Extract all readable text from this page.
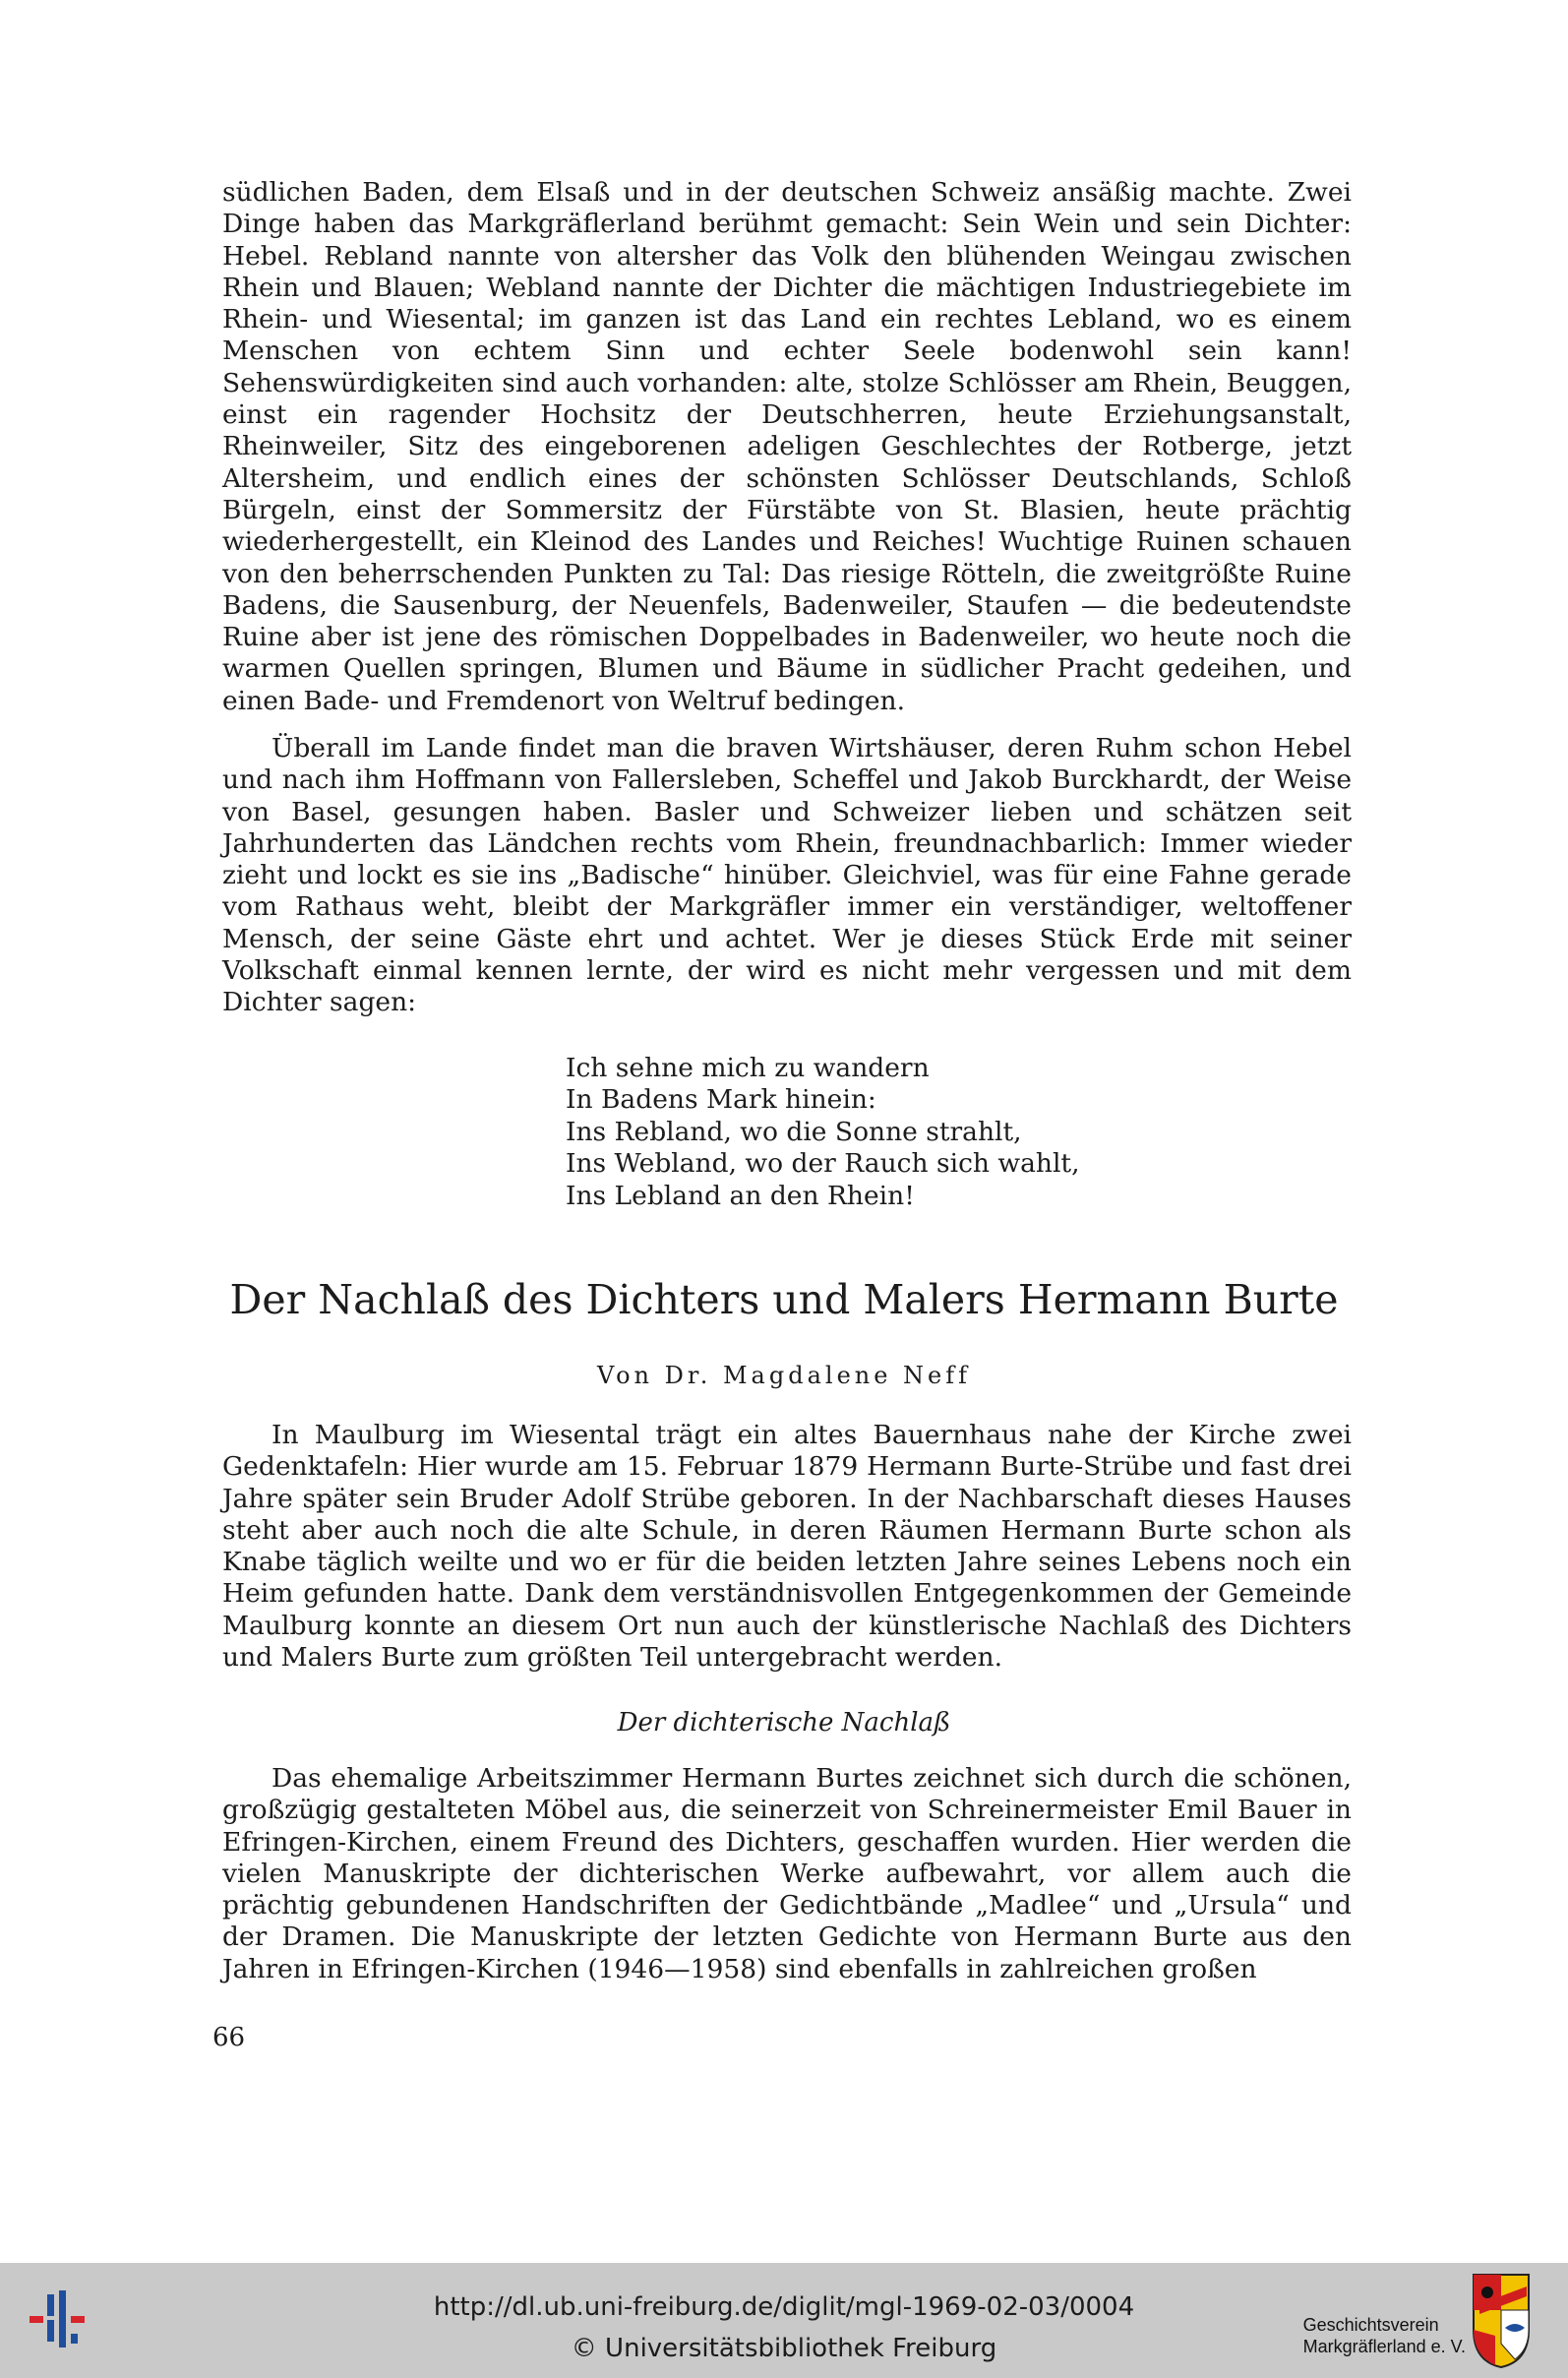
südlichen Baden, dem Elsaß und in der deutschen Schweiz ansäßig machte. Zwei Dinge haben das Markgräflerland berühmt gemacht: Sein Wein und sein Dichter: Hebel. Rebland nannte von altersher das Volk den blühenden Weingau zwischen Rhein und Blauen; Webland nannte der Dichter die mächtigen Industriegebiete im Rhein- und Wiesental; im ganzen ist das Land ein rechtes Lebland, wo es einem Menschen von echtem Sinn und echter Seele bodenwohl sein kann! Sehenswürdigkeiten sind auch vorhanden: alte, stolze Schlösser am Rhein, Beuggen, einst ein ragender Hochsitz der Deutschherren, heute Erziehungsanstalt, Rheinweiler, Sitz des eingeborenen adeligen Geschlechtes der Rotberge, jetzt Altersheim, und endlich eines der schönsten Schlösser Deutschlands, Schloß Bürgeln, einst der Sommersitz der Fürstäbte von St. Blasien, heute prächtig wiederhergestellt, ein Kleinod des Landes und Reiches! Wuchtige Ruinen schauen von den beherrschenden Punkten zu Tal: Das riesige Rötteln, die zweitgrößte Ruine Badens, die Sausenburg, der Neuenfels, Badenweiler, Staufen — die bedeutendste Ruine aber ist jene des römischen Doppelbades in Badenweiler, wo heute noch die warmen Quellen springen, Blumen und Bäume in südlicher Pracht gedeihen, und einen Bade- und Fremdenort von Weltruf bedingen.

Überall im Lande findet man die braven Wirtshäuser, deren Ruhm schon Hebel und nach ihm Hoffmann von Fallersleben, Scheffel und Jakob Burckhardt, der Weise von Basel, gesungen haben. Basler und Schweizer lieben und schätzen seit Jahrhunderten das Ländchen rechts vom Rhein, freundnachbarlich: Immer wieder zieht und lockt es sie ins „Badische“ hinüber. Gleichviel, was für eine Fahne gerade vom Rathaus weht, bleibt der Markgräfler immer ein verständiger, weltoffener Mensch, der seine Gäste ehrt und achtet. Wer je dieses Stück Erde mit seiner Volkschaft einmal kennen lernte, der wird es nicht mehr vergessen und mit dem Dichter sagen:

Ich sehne mich zu wandern
In Badens Mark hinein:
Ins Rebland, wo die Sonne strahlt,
Ins Webland, wo der Rauch sich wahlt,
Ins Lebland an den Rhein!
Der Nachlaß des Dichters und Malers Hermann Burte
Von Dr. Magdalene Neff

In Maulburg im Wiesental trägt ein altes Bauernhaus nahe der Kirche zwei Gedenktafeln: Hier wurde am 15. Februar 1879 Hermann Burte-Strübe und fast drei Jahre später sein Bruder Adolf Strübe geboren. In der Nachbarschaft dieses Hauses steht aber auch noch die alte Schule, in deren Räumen Hermann Burte schon als Knabe täglich weilte und wo er für die beiden letzten Jahre seines Lebens noch ein Heim gefunden hatte. Dank dem verständnisvollen Entgegenkommen der Gemeinde Maulburg konnte an diesem Ort nun auch der künstlerische Nachlaß des Dichters und Malers Burte zum größten Teil untergebracht werden.

Der dichterische Nachlaß

Das ehemalige Arbeitszimmer Hermann Burtes zeichnet sich durch die schönen, großzügig gestalteten Möbel aus, die seinerzeit von Schreinermeister Emil Bauer in Efringen-Kirchen, einem Freund des Dichters, geschaffen wurden. Hier werden die vielen Manuskripte der dichterischen Werke aufbewahrt, vor allem auch die prächtig gebundenen Handschriften der Gedichtbände „Madlee“ und „Ursula“ und der Dramen. Die Manuskripte der letzten Gedichte von Hermann Burte aus den Jahren in Efringen-Kirchen (1946—1958) sind ebenfalls in zahlreichen großen

66
http://dl.ub.uni-freiburg.de/diglit/mgl-1969-02-03/0004
© Universitätsbibliothek Freiburg
Geschichtsverein
Markgräflerland e. V.
